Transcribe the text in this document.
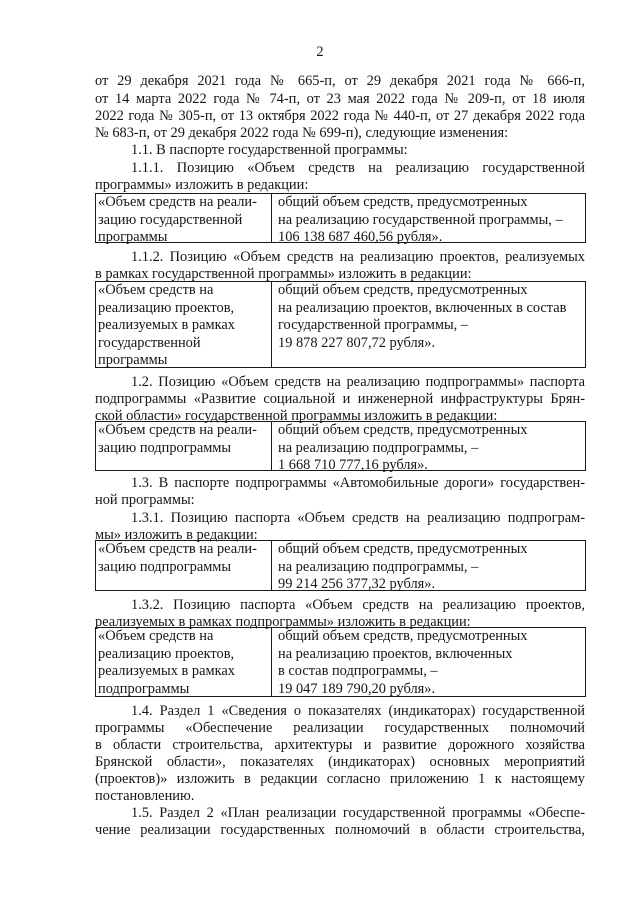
2
от 29 декабря 2021 года № 665-п, от 29 декабря 2021 года № 666-п,
от 14 марта 2022 года № 74-п, от 23 мая 2022 года № 209-п, от 18 июля
2022 года № 305-п, от 13 октября 2022 года № 440-п, от 27 декабря 2022 года
№ 683-п, от 29 декабря 2022 года № 699-п), следующие изменения:
1.1. В паспорте государственной программы:
1.1.1. Позицию «Объем средств на реализацию государственной
программы» изложить в редакции:
«Объем средств на реали-
зацию государственной
программы
общий объем средств, предусмотренных
на реализацию государственной программы, –
106 138 687 460,56 рубля».
1.1.2. Позицию «Объем средств на реализацию проектов, реализуемых
в рамках государственной программы» изложить в редакции:
«Объем средств на
реализацию проектов,
реализуемых в рамках
государственной
программы
общий объем средств, предусмотренных
на реализацию проектов, включенных в состав
государственной программы, –
19 878 227 807,72 рубля».
1.2. Позицию «Объем средств на реализацию подпрограммы» паспорта
подпрограммы «Развитие социальной и инженерной инфраструктуры Брян-
ской области» государственной программы изложить в редакции:
«Объем средств на реали-
зацию подпрограммы
общий объем средств, предусмотренных
на реализацию подпрограммы, –
1 668 710 777,16 рубля».
1.3. В паспорте подпрограммы «Автомобильные дороги» государствен-
ной программы:
1.3.1. Позицию паспорта «Объем средств на реализацию подпрограм-
мы» изложить в редакции:
«Объем средств на реали-
зацию подпрограммы
общий объем средств, предусмотренных
на реализацию подпрограммы, –
99 214 256 377,32 рубля».
1.3.2. Позицию паспорта «Объем средств на реализацию проектов,
реализуемых в рамках подпрограммы» изложить в редакции:
«Объем средств на
реализацию проектов,
реализуемых в рамках
подпрограммы
общий объем средств, предусмотренных
на реализацию проектов, включенных
в состав подпрограммы, –
19 047 189 790,20 рубля».
1.4. Раздел 1 «Сведения о показателях (индикаторах) государственной
программы «Обеспечение реализации государственных полномочий
в области строительства, архитектуры и развитие дорожного хозяйства
Брянской области», показателях (индикаторах) основных мероприятий
(проектов)» изложить в редакции согласно приложению 1 к настоящему
постановлению.
1.5. Раздел 2 «План реализации государственной программы «Обеспе-
чение реализации государственных полномочий в области строительства,
